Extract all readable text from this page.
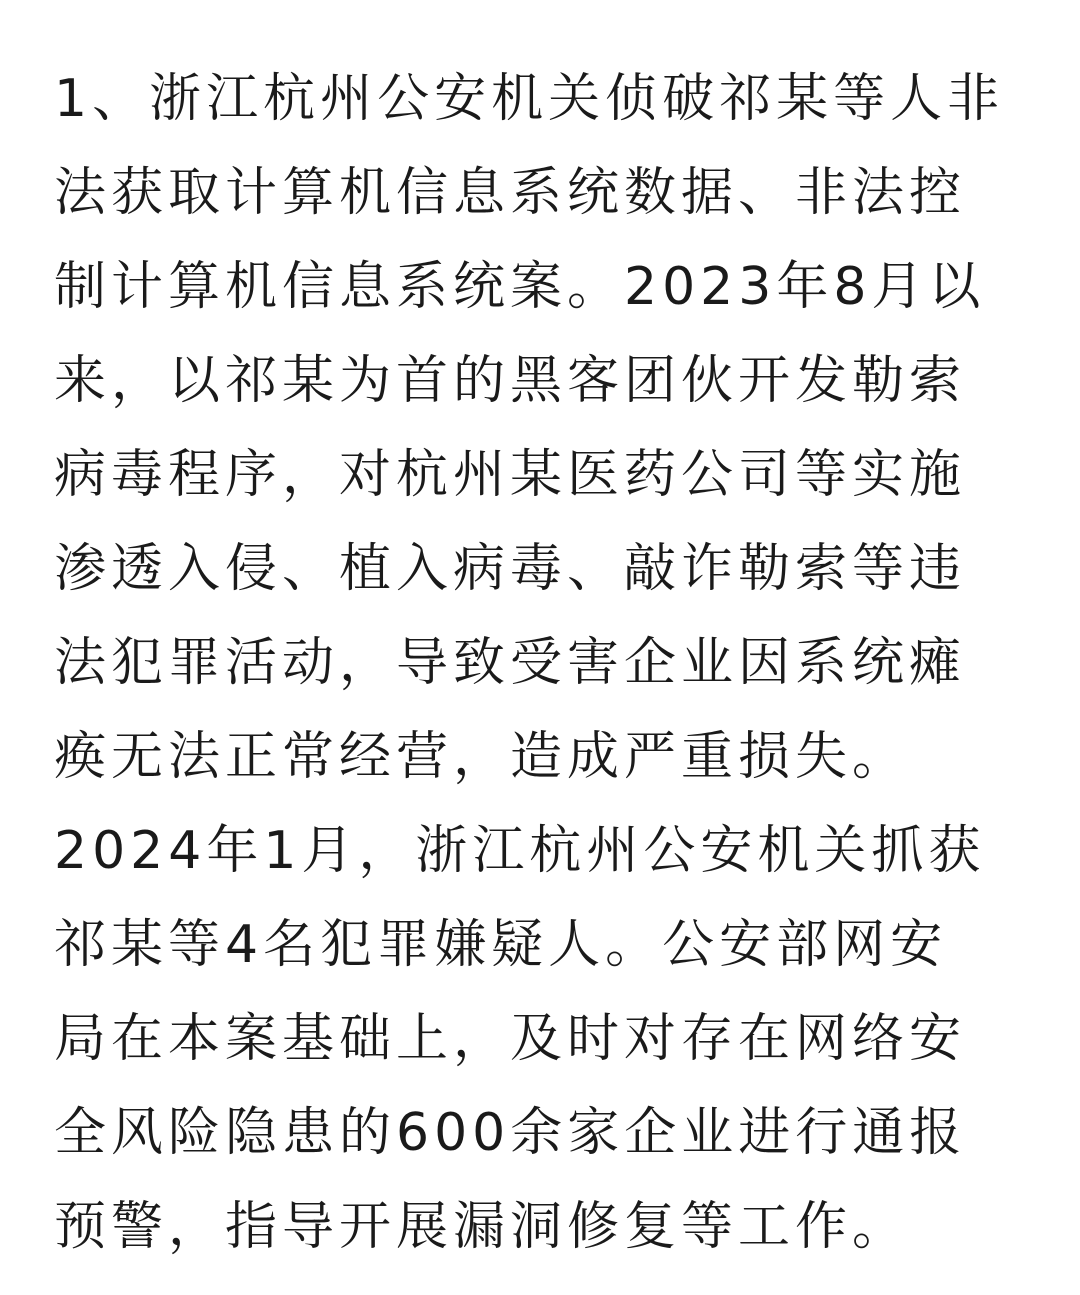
1、浙江杭州公安机关侦破祁某等人非
法获取计算机信息系统数据、非法控
制计算机信息系统案。2023年8月以
来，以祁某为首的黑客团伙开发勒索
病毒程序，对杭州某医药公司等实施
渗透入侵、植入病毒、敲诈勒索等违
法犯罪活动，导致受害企业因系统瘫
痪无法正常经营，造成严重损失。
2024年1月，浙江杭州公安机关抓获
祁某等4名犯罪嫌疑人。公安部网安
局在本案基础上，及时对存在网络安
全风险隐患的600余家企业进行通报
预警，指导开展漏洞修复等工作。
